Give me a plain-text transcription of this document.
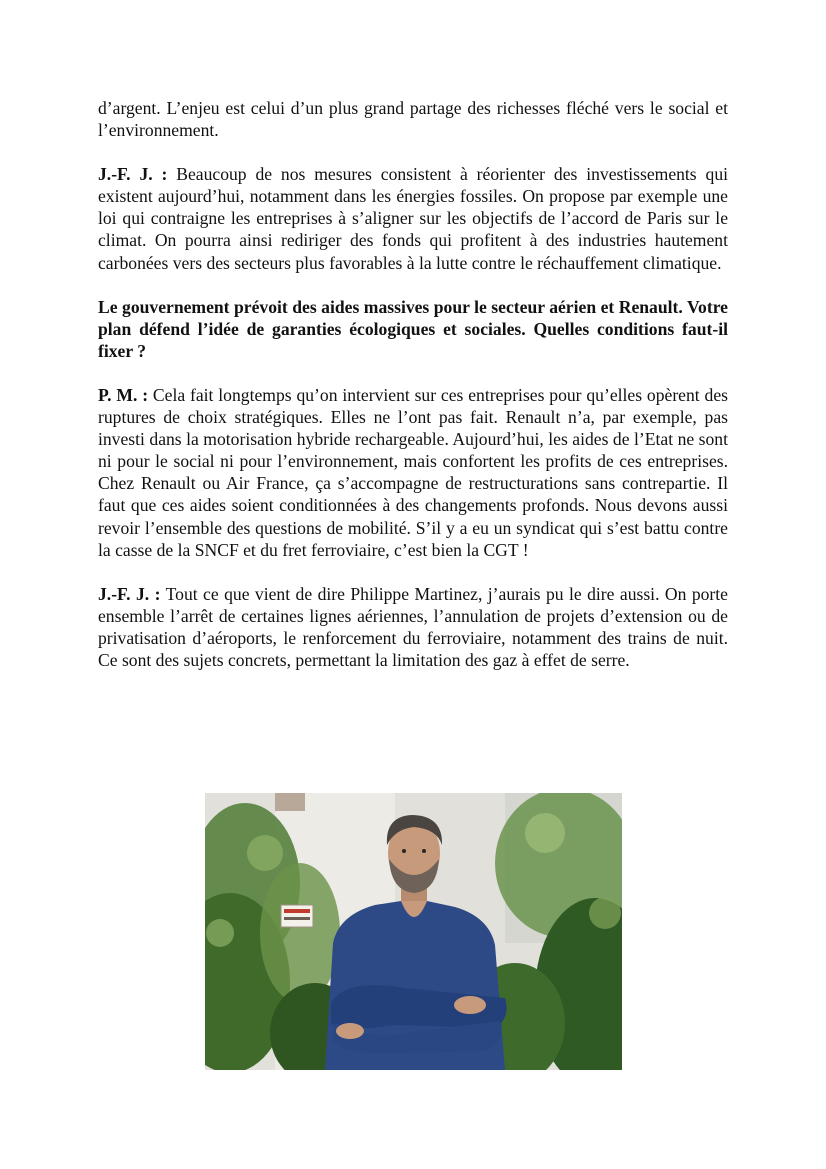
d’argent. L’enjeu est celui d’un plus grand partage des richesses fléché vers le social et l’environnement.

J.-F. J. : Beaucoup de nos mesures consistent à réorienter des investissements qui existent aujourd’hui, notamment dans les énergies fossiles. On propose par exemple une loi qui contraigne les entreprises à s’aligner sur les objectifs de l’accord de Paris sur le climat. On pourra ainsi rediriger des fonds qui profitent à des industries hautement carbonées vers des secteurs plus favorables à la lutte contre le réchauffement climatique.

Le gouvernement prévoit des aides massives pour le secteur aérien et Renault. Votre plan défend l’idée de garanties écologiques et sociales. Quelles conditions faut-il fixer ?

P. M. : Cela fait longtemps qu’on intervient sur ces entreprises pour qu’elles opèrent des ruptures de choix stratégiques. Elles ne l’ont pas fait. Renault n’a, par exemple, pas investi dans la motorisation hybride rechargeable. Aujourd’hui, les aides de l’Etat ne sont ni pour le social ni pour l’environnement, mais confortent les profits de ces entreprises. Chez Renault ou Air France, ça s’accompagne de restructurations sans contrepartie. Il faut que ces aides soient conditionnées à des changements profonds. Nous devons aussi revoir l’ensemble des questions de mobilité. S’il y a eu un syndicat qui s’est battu contre la casse de la SNCF et du fret ferroviaire, c’est bien la CGT !

J.-F. J. : Tout ce que vient de dire Philippe Martinez, j’aurais pu le dire aussi. On porte ensemble l’arrêt de certaines lignes aériennes, l’annulation de projets d’extension ou de privatisation d’aéroports, le renforcement du ferroviaire, notamment des trains de nuit. Ce sont des sujets concrets, permettant la limitation des gaz à effet de serre.
